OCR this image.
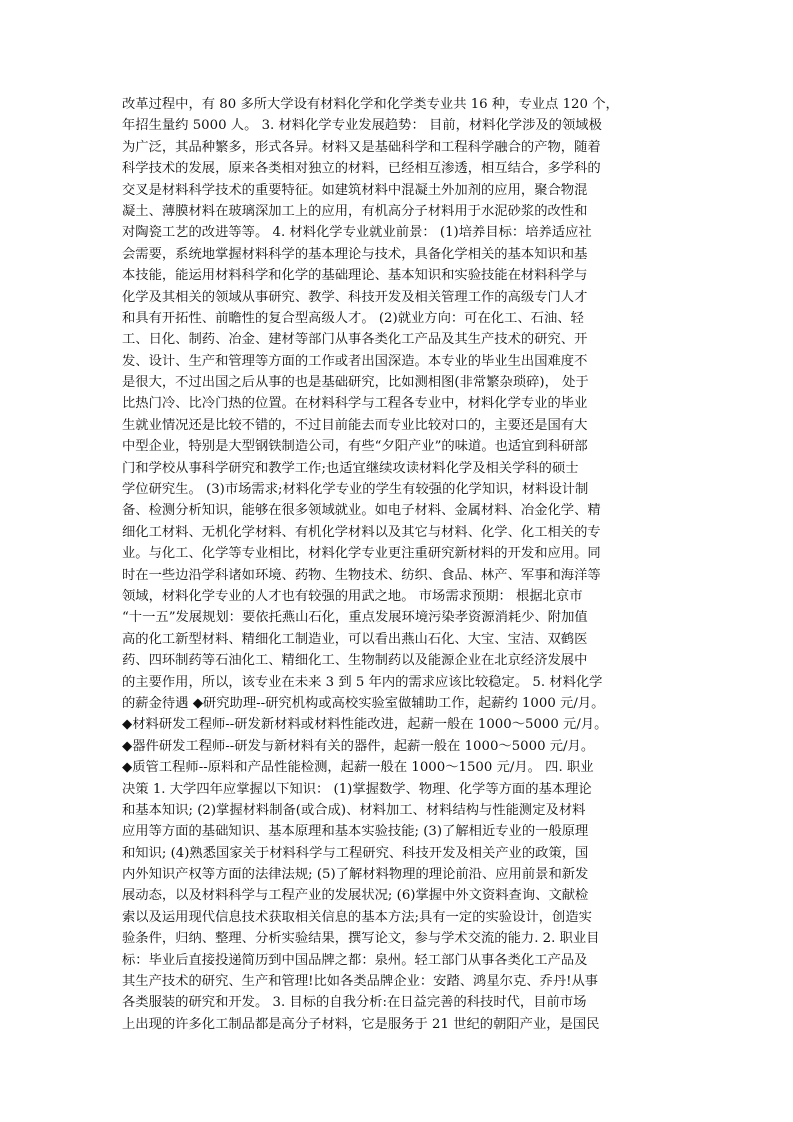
改革过程中，有 80 多所大学设有材料化学和化学类专业共 16 种，专业点 120 个，
年招生量约 5000 人。 3. 材料化学专业发展趋势： 目前，材料化学涉及的领域极
为广泛，其品种繁多，形式各异。材料又是基础科学和工程科学融合的产物，随着
科学技术的发展，原来各类相对独立的材料，已经相互渗透，相互结合，多学科的
交叉是材料科学技术的重要特征。如建筑材料中混凝土外加剂的应用，聚合物混
凝土、薄膜材料在玻璃深加工上的应用，有机高分子材料用于水泥砂浆的改性和
对陶瓷工艺的改进等等。 4. 材料化学专业就业前景： (1)培养目标：培养适应社
会需要，系统地掌握材料科学的基本理论与技术，具备化学相关的基本知识和基
本技能，能运用材料科学和化学的基础理论、基本知识和实验技能在材料科学与
化学及其相关的领域从事研究、教学、科技开发及相关管理工作的高级专门人才
和具有开拓性、前瞻性的复合型高级人才。 (2)就业方向：可在化工、石油、轻
工、日化、制药、冶金、建材等部门从事各类化工产品及其生产技术的研究、开
发、设计、生产和管理等方面的工作或者出国深造。本专业的毕业生出国难度不
是很大，不过出国之后从事的也是基础研究，比如测相图(非常繁杂琐碎)， 处于
比热门冷、比冷门热的位置。在材料科学与工程各专业中，材料化学专业的毕业
生就业情况还是比较不错的，不过目前能去而专业比较对口的，主要还是国有大
中型企业，特别是大型钢铁制造公司，有些“夕阳产业”的味道。也适宜到科研部
门和学校从事科学研究和教学工作;也适宜继续攻读材料化学及相关学科的硕士
学位研究生。 (3)市场需求;材料化学专业的学生有较强的化学知识，材料设计制
备、检测分析知识，能够在很多领域就业。如电子材料、金属材料、冶金化学、精
细化工材料、无机化学材料、有机化学材料以及其它与材料、化学、化工相关的专
业。与化工、化学等专业相比，材料化学专业更注重研究新材料的开发和应用。同
时在一些边沿学科诸如环境、药物、生物技术、纺织、食品、林产、军事和海洋等
领域，材料化学专业的人才也有较强的用武之地。 市场需求预期： 根据北京市
“十一五”发展规划：要依托燕山石化，重点发展环境污染孝资源消耗少、附加值
高的化工新型材料、精细化工制造业，可以看出燕山石化、大宝、宝洁、双鹤医
药、四环制药等石油化工、精细化工、生物制药以及能源企业在北京经济发展中
的主要作用，所以，该专业在未来 3 到 5 年内的需求应该比较稳定。 5. 材料化学
的薪金待遇 ◆研究助理--研究机构或高校实验室做辅助工作，起薪约 1000 元/月。
◆材料研发工程师--研发新材料或材料性能改进，起薪一般在 1000～5000 元/月。
◆器件研发工程师--研发与新材料有关的器件，起薪一般在 1000～5000 元/月。
◆质管工程师--原料和产品性能检测，起薪一般在 1000～1500 元/月。 四. 职业
决策 1. 大学四年应掌握以下知识： (1)掌握数学、物理、化学等方面的基本理论
和基本知识; (2)掌握材料制备(或合成)、材料加工、材料结构与性能测定及材料
应用等方面的基础知识、基本原理和基本实验技能; (3)了解相近专业的一般原理
和知识; (4)熟悉国家关于材料科学与工程研究、科技开发及相关产业的政策，国
内外知识产权等方面的法律法规; (5)了解材料物理的理论前沿、应用前景和新发
展动态，以及材料科学与工程产业的发展状况; (6)掌握中外文资料查询、文献检
索以及运用现代信息技术获取相关信息的基本方法;具有一定的实验设计，创造实
验条件，归纳、整理、分析实验结果，撰写论文，参与学术交流的能力. 2. 职业目
标：毕业后直接投递简历到中国品牌之都：泉州。轻工部门从事各类化工产品及
其生产技术的研究、生产和管理!比如各类品牌企业：安踏、鸿星尔克、乔丹!从事
各类服装的研究和开发。 3. 目标的自我分析:在日益完善的科技时代，目前市场
上出现的许多化工制品都是高分子材料，它是服务于 21 世纪的朝阳产业，是国民
